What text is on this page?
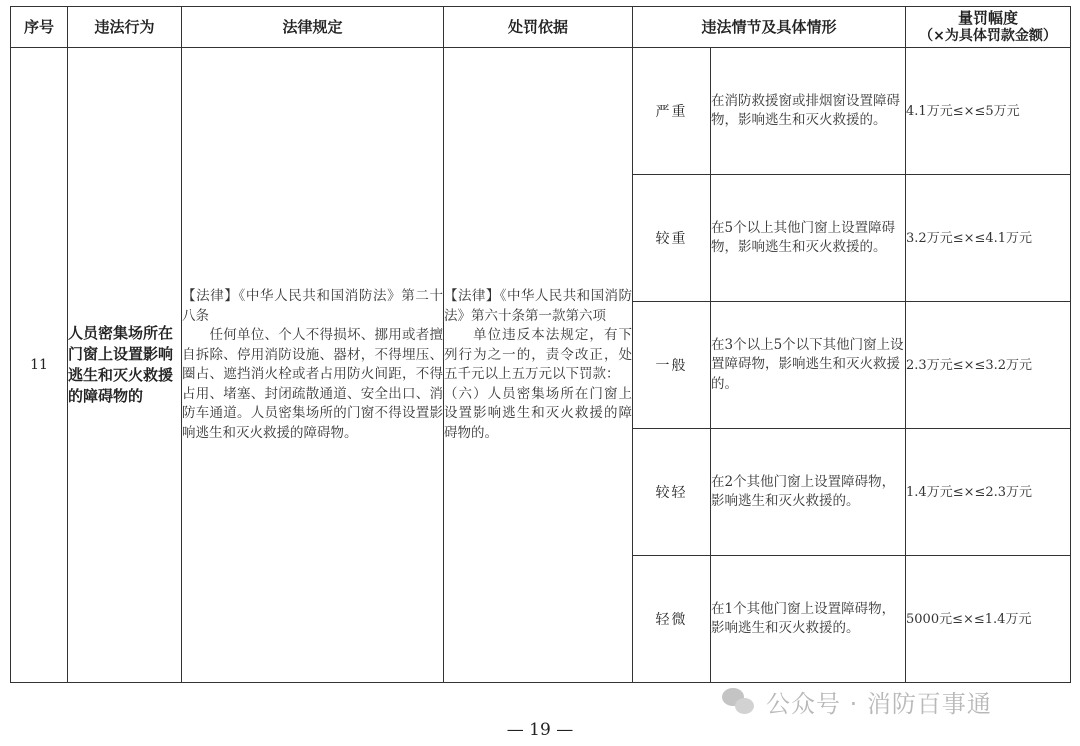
序号	违法行为	法律规定	处罚依据	违法情节及具体情形		量罚幅度
（×为具体罚款金额）

11	人员密集场所在门窗上设置影响逃生和灭火救援的障碍物的	【法律】《中华人民共和国消防法》第二十八条
　　任何单位、个人不得损坏、挪用或者擅自拆除、停用消防设施、器材，不得埋压、圈占、遮挡消火栓或者占用防火间距，不得占用、堵塞、封闭疏散通道、安全出口、消防车通道。人员密集场所的门窗不得设置影响逃生和灭火救援的障碍物。	【法律】《中华人民共和国消防法》第六十条第一款第六项
　　单位违反本法规定，有下列行为之一的，责令改正，处五千元以上五万元以下罚款：
（六）人员密集场所在门窗上设置影响逃生和灭火救援的障碍物的。	严重	在消防救援窗或排烟窗设置障碍物，影响逃生和灭火救援的。	4.1万元≤×≤5万元
				较重	在5个以上其他门窗上设置障碍物，影响逃生和灭火救援的。	3.2万元≤×≤4.1万元
				一般	在3个以上5个以下其他门窗上设置障碍物，影响逃生和灭火救援的。	2.3万元≤×≤3.2万元
				较轻	在2个其他门窗上设置障碍物，影响逃生和灭火救援的。	1.4万元≤×≤2.3万元
				轻微	在1个其他门窗上设置障碍物，影响逃生和灭火救援的。	5000元≤×≤1.4万元
公众号 · 消防百事通
— 19 —
